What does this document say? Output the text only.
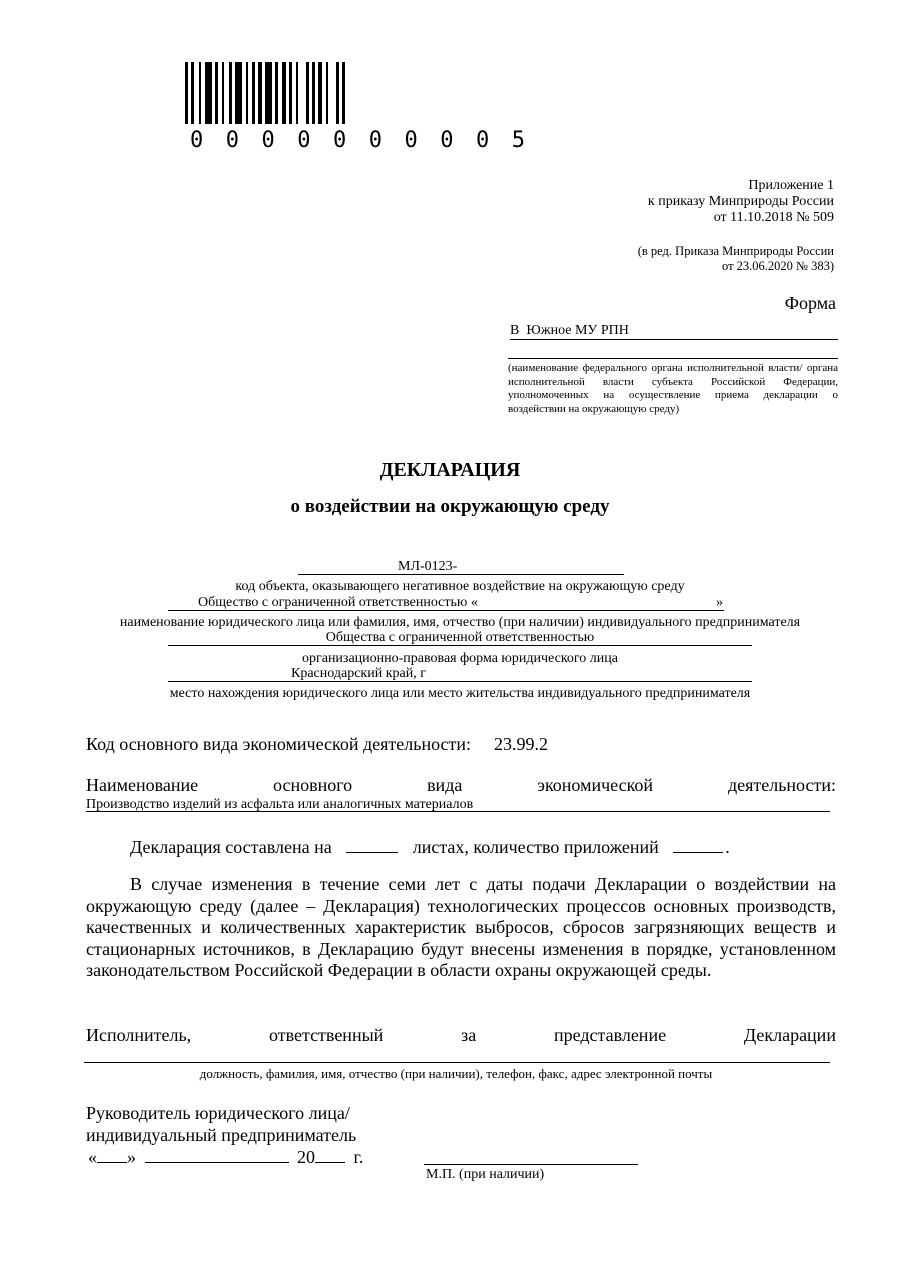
0 0 0 0 0 0 0 0 0 5
Приложение 1
к приказу Минприроды России
от 11.10.2018 № 509
(в ред. Приказа Минприроды России
от 23.06.2020 № 383)
Форма
В Южное МУ РПН
(наименование федерального органа исполнительной власти/ органа исполнительной власти субъекта Российской Федерации, уполномоченных на осуществление приема декларации о воздействии на окружающую среду)
ДЕКЛАРАЦИЯ
о воздействии на окружающую среду
МЛ-0123-
код объекта, оказывающего негативное воздействие на окружающую среду
Общество с ограниченной ответственностью «	»
наименование юридического лица или фамилия, имя, отчество (при наличии) индивидуального предпринимателя
Общества с ограниченной ответственностью
организационно-правовая форма юридического лица
Краснодарский край, г
место нахождения юридического лица или место жительства индивидуального предпринимателя
Код основного вида экономической деятельности: 23.99.2
Наименование	основного	вида	экономической	деятельности:
Производство изделий из асфальта или аналогичных материалов
Декларация составлена на	листах, количество приложений	.
В случае изменения в течение семи лет с даты подачи Декларации о воздействии на окружающую среду (далее – Декларация) технологических процессов основных производств, качественных и количественных характеристик выбросов, сбросов загрязняющих веществ и стационарных источников, в Декларацию будут внесены изменения в порядке, установленном законодательством Российской Федерации в области охраны окружающей среды.
Исполнитель,	ответственный	за	представление	Декларации
должность, фамилия, имя, отчество (при наличии), телефон, факс, адрес электронной почты
Руководитель юридического лица/
индивидуальный предприниматель
« »	20 г.
М.П. (при наличии)
